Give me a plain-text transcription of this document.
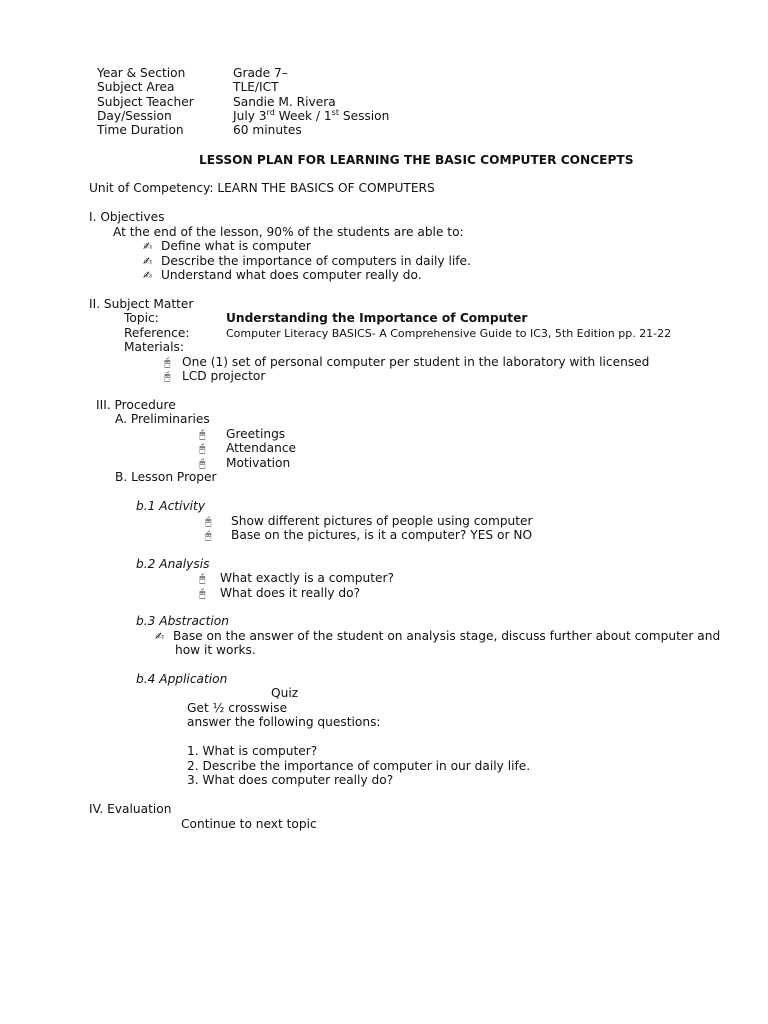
Year & Section	Grade 7–
Subject Area	TLE/ICT
Subject Teacher	Sandie M. Rivera
Day/Session	July 3rd Week / 1st Session
Time Duration	60 minutes
LESSON PLAN FOR LEARNING THE BASIC COMPUTER CONCEPTS
Unit of Competency: LEARN THE BASICS OF COMPUTERS
I. Objectives
At the end of the lesson, 90% of the students are able to:
✍ Define what is computer
✍ Describe the importance of computers in daily life.
✍ Understand what does computer really do.
II. Subject Matter
Topic:	Understanding the Importance of Computer
Reference:	Computer Literacy BASICS- A Comprehensive Guide to IC3, 5th Edition pp. 21-22
Materials:
🖰 One (1) set of personal computer per student in the laboratory with licensed
🖰 LCD projector
III. Procedure
A. Preliminaries
🖰 Greetings
🖰 Attendance
🖰 Motivation
B. Lesson Proper
b.1 Activity
🖰 Show different pictures of people using computer
🖰 Base on the pictures, is it a computer? YES or NO
b.2 Analysis
🖰 What exactly is a computer?
🖰 What does it really do?
b.3 Abstraction
✍ Base on the answer of the student on analysis stage, discuss further about computer and
how it works.
b.4 Application
Quiz
Get ½ crosswise
answer the following questions:
1. What is computer?
2. Describe the importance of computer in our daily life.
3. What does computer really do?
IV. Evaluation
Continue to next topic
